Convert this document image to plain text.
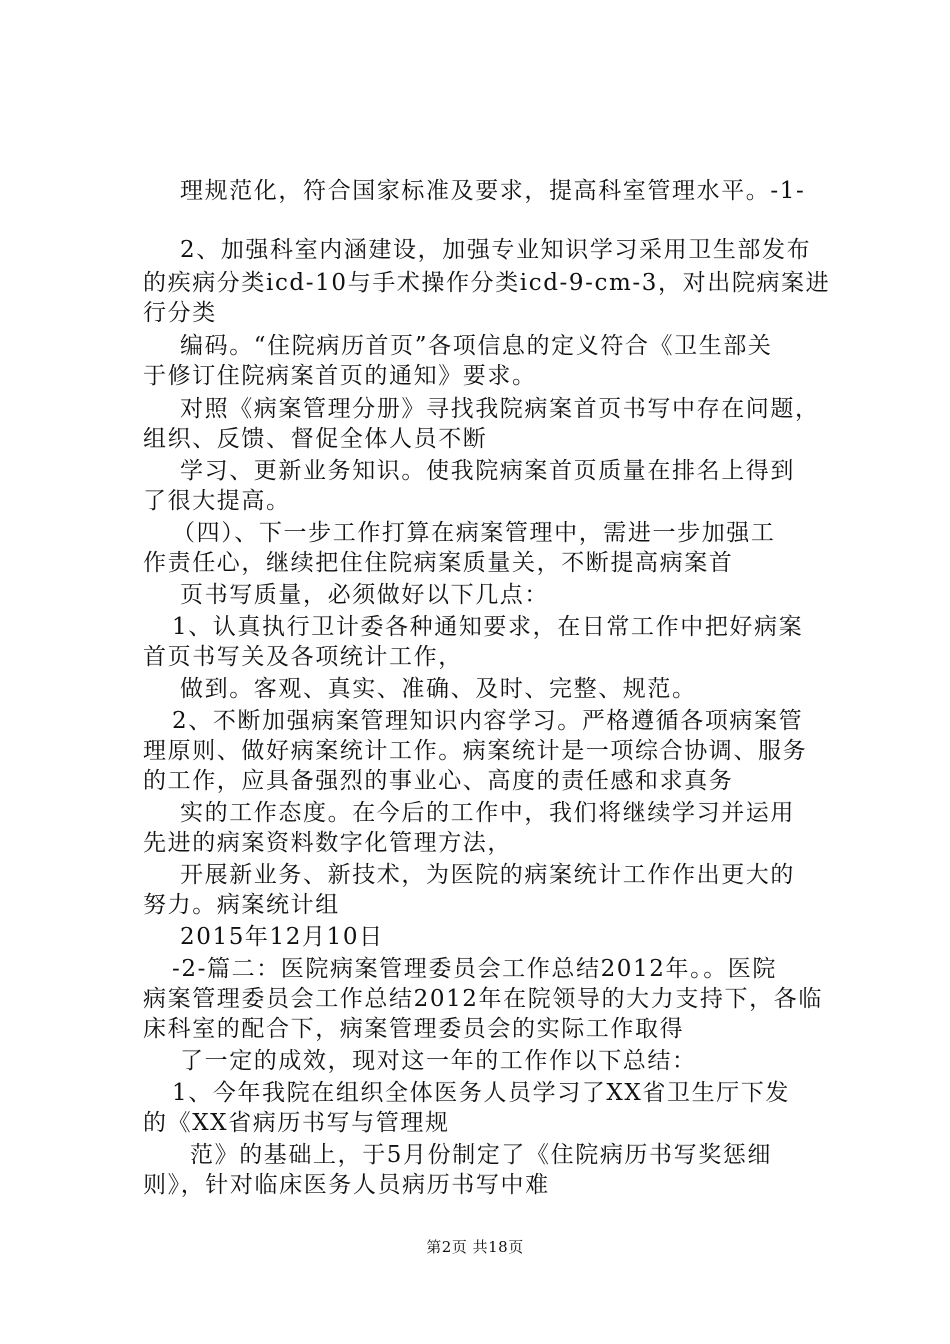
理规范化，符合国家标准及要求，提高科室管理水平。-1-
2、加强科室内涵建设，加强专业知识学习采用卫生部发布
的疾病分类icd-10与手术操作分类icd-9-cm-3，对出院病案进
行分类
编码。“住院病历首页”各项信息的定义符合《卫生部关
于修订住院病案首页的通知》要求。
对照《病案管理分册》寻找我院病案首页书写中存在问题，
组织、反馈、督促全体人员不断
学习、更新业务知识。使我院病案首页质量在排名上得到
了很大提高。
（四）、下一步工作打算在病案管理中，需进一步加强工
作责任心，继续把住住院病案质量关，不断提高病案首
页书写质量，必须做好以下几点：
1、认真执行卫计委各种通知要求，在日常工作中把好病案
首页书写关及各项统计工作，
做到。客观、真实、准确、及时、完整、规范。
2、不断加强病案管理知识内容学习。严格遵循各项病案管
理原则、做好病案统计工作。病案统计是一项综合协调、服务
的工作，应具备强烈的事业心、高度的责任感和求真务
实的工作态度。在今后的工作中，我们将继续学习并运用
先进的病案资料数字化管理方法，
开展新业务、新技术，为医院的病案统计工作作出更大的
努力。病案统计组
2015年12月10日
-2-篇二：医院病案管理委员会工作总结2012年。。医院
病案管理委员会工作总结2012年在院领导的大力支持下，各临
床科室的配合下，病案管理委员会的实际工作取得
了一定的成效，现对这一年的工作作以下总结：
1、今年我院在组织全体医务人员学习了XX省卫生厅下发
的《XX省病历书写与管理规
范》的基础上，于5月份制定了《住院病历书写奖惩细
则》，针对临床医务人员病历书写中难
第2页 共18页
